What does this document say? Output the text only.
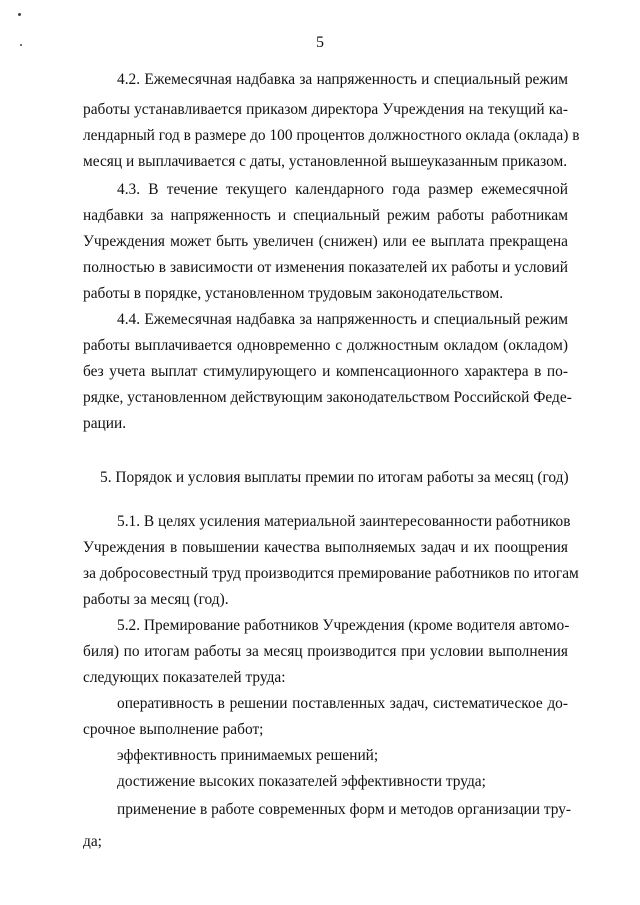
5
4.2. Ежемесячная надбавка за напряженность и специальный режим
работы устанавливается приказом директора Учреждения на текущий ка-
лендарный год в размере до 100 процентов должностного оклада (оклада) в
месяц и выплачивается с даты, установленной вышеуказанным приказом.
4.3. В течение текущего календарного года размер ежемесячной
надбавки за напряженность и специальный режим работы работникам
Учреждения может быть увеличен (снижен) или ее выплата прекращена
полностью в зависимости от изменения показателей их работы и условий
работы в порядке, установленном трудовым законодательством.
4.4. Ежемесячная надбавка за напряженность и специальный режим
работы выплачивается одновременно с должностным окладом (окладом)
без учета выплат стимулирующего и компенсационного характера в по-
рядке, установленном действующим законодательством Российской Феде-
рации.
5. Порядок и условия выплаты премии по итогам работы за месяц (год)
5.1. В целях усиления материальной заинтересованности работников
Учреждения в повышении качества выполняемых задач и их поощрения
за добросовестный труд производится премирование работников по итогам
работы за месяц (год).
5.2. Премирование работников Учреждения (кроме водителя автомо-
биля) по итогам работы за месяц производится при условии выполнения
следующих показателей труда:
оперативность в решении поставленных задач, систематическое до-
срочное выполнение работ;
эффективность принимаемых решений;
достижение высоких показателей эффективности труда;
применение в работе современных форм и методов организации тру-
да;
